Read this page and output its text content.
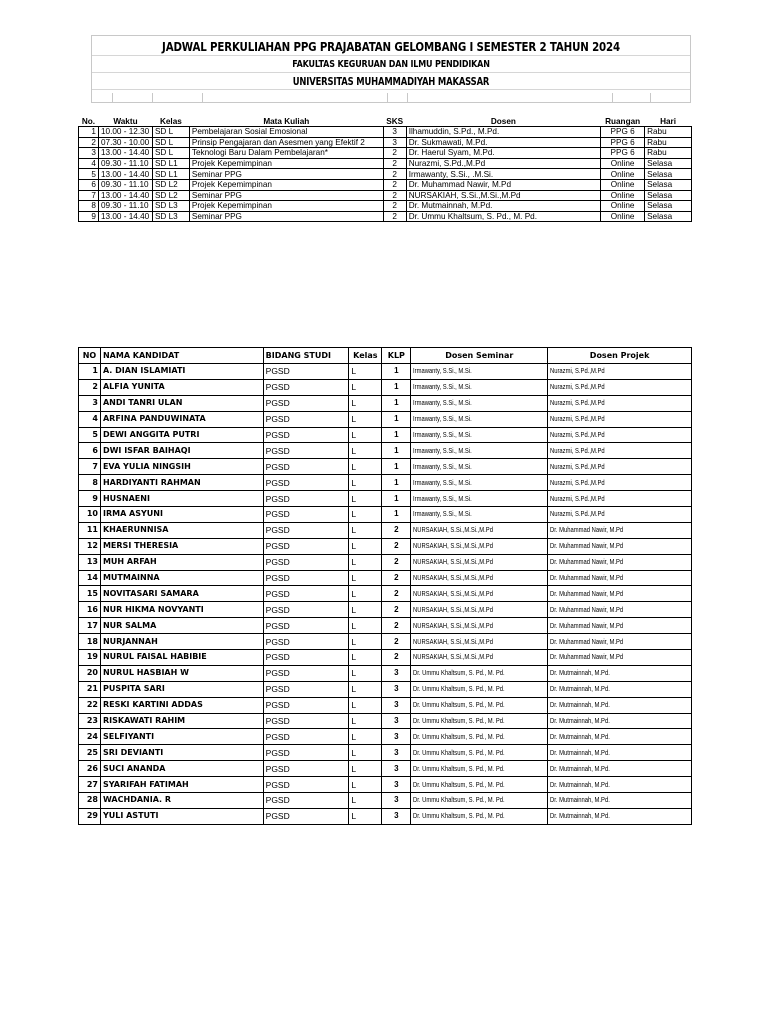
JADWAL PERKULIAHAN PPG PRAJABATAN GELOMBANG I SEMESTER 2 TAHUN 2024
FAKULTAS KEGURUAN DAN ILMU PENDIDIKAN
UNIVERSITAS MUHAMMADIYAH MAKASSAR
No.	Waktu	Kelas	Mata Kuliah	SKS	Dosen	Ruangan	Hari
1	10.00 - 12.30	SD L	Pembelajaran Sosial Emosional	3	Ilhamuddin, S.Pd., M.Pd.	PPG 6	Rabu
2	07.30 - 10.00	SD L	Prinsip Pengajaran dan Asesmen yang Efektif 2	3	Dr. Sukmawati, M.Pd.	PPG 6	Rabu
3	13.00 - 14.40	SD L	Teknologi Baru Dalam Pembelajaran*	2	Dr. Haerul Syam, M.Pd.	PPG 6	Rabu
4	09.30 - 11.10	SD L1	Projek Kepemimpinan	2	Nurazmi, S.Pd.,M.Pd	Online	Selasa
5	13.00 - 14.40	SD L1	Seminar PPG	2	Irmawanty, S.Si., .M.Si.	Online	Selasa
6	09.30 - 11.10	SD L2	Projek Kepemimpinan	2	Dr. Muhammad Nawir, M.Pd	Online	Selasa
7	13.00 - 14.40	SD L2	Seminar PPG	2	NURSAKIAH, S.Si.,M.Si.,M.Pd	Online	Selasa
8	09.30 - 11.10	SD L3	Projek Kepemimpinan	2	Dr. Mutmainnah, M.Pd.	Online	Selasa
9	13.00 - 14.40	SD L3	Seminar PPG	2	Dr. Ummu Khaltsum, S. Pd., M. Pd.	Online	Selasa
NO	NAMA KANDIDAT	BIDANG STUDI	Kelas	KLP	Dosen Seminar	Dosen Projek
1	A. DIAN ISLAMIATI	PGSD	L	1	Irmawanty, S.Si., M.Si.	Nurazmi, S.Pd.,M.Pd
2	ALFIA YUNITA	PGSD	L	1	Irmawanty, S.Si., M.Si.	Nurazmi, S.Pd.,M.Pd
3	ANDI TANRI ULAN	PGSD	L	1	Irmawanty, S.Si., M.Si.	Nurazmi, S.Pd.,M.Pd
4	ARFINA PANDUWINATA	PGSD	L	1	Irmawanty, S.Si., M.Si.	Nurazmi, S.Pd.,M.Pd
5	DEWI ANGGITA PUTRI	PGSD	L	1	Irmawanty, S.Si., M.Si.	Nurazmi, S.Pd.,M.Pd
6	DWI ISFAR BAIHAQI	PGSD	L	1	Irmawanty, S.Si., M.Si.	Nurazmi, S.Pd.,M.Pd
7	EVA YULIA NINGSIH	PGSD	L	1	Irmawanty, S.Si., M.Si.	Nurazmi, S.Pd.,M.Pd
8	HARDIYANTI RAHMAN	PGSD	L	1	Irmawanty, S.Si., M.Si.	Nurazmi, S.Pd.,M.Pd
9	HUSNAENI	PGSD	L	1	Irmawanty, S.Si., M.Si.	Nurazmi, S.Pd.,M.Pd
10	IRMA ASYUNI	PGSD	L	1	Irmawanty, S.Si., M.Si.	Nurazmi, S.Pd.,M.Pd
11	KHAERUNNISA	PGSD	L	2	NURSAKIAH, S.Si.,M.Si.,M.Pd	Dr. Muhammad Nawir, M.Pd
12	MERSI THERESIA	PGSD	L	2	NURSAKIAH, S.Si.,M.Si.,M.Pd	Dr. Muhammad Nawir, M.Pd
13	MUH ARFAH	PGSD	L	2	NURSAKIAH, S.Si.,M.Si.,M.Pd	Dr. Muhammad Nawir, M.Pd
14	MUTMAINNA	PGSD	L	2	NURSAKIAH, S.Si.,M.Si.,M.Pd	Dr. Muhammad Nawir, M.Pd
15	NOVITASARI SAMARA	PGSD	L	2	NURSAKIAH, S.Si.,M.Si.,M.Pd	Dr. Muhammad Nawir, M.Pd
16	NUR HIKMA NOVYANTI	PGSD	L	2	NURSAKIAH, S.Si.,M.Si.,M.Pd	Dr. Muhammad Nawir, M.Pd
17	NUR SALMA	PGSD	L	2	NURSAKIAH, S.Si.,M.Si.,M.Pd	Dr. Muhammad Nawir, M.Pd
18	NURJANNAH	PGSD	L	2	NURSAKIAH, S.Si.,M.Si.,M.Pd	Dr. Muhammad Nawir, M.Pd
19	NURUL FAISAL HABIBIE	PGSD	L	2	NURSAKIAH, S.Si.,M.Si.,M.Pd	Dr. Muhammad Nawir, M.Pd
20	NURUL HASBIAH W	PGSD	L	3	Dr. Ummu Khaltsum, S. Pd., M. Pd.	Dr. Mutmainnah, M.Pd.
21	PUSPITA SARI	PGSD	L	3	Dr. Ummu Khaltsum, S. Pd., M. Pd.	Dr. Mutmainnah, M.Pd.
22	RESKI KARTINI ADDAS	PGSD	L	3	Dr. Ummu Khaltsum, S. Pd., M. Pd.	Dr. Mutmainnah, M.Pd.
23	RISKAWATI RAHIM	PGSD	L	3	Dr. Ummu Khaltsum, S. Pd., M. Pd.	Dr. Mutmainnah, M.Pd.
24	SELFIYANTI	PGSD	L	3	Dr. Ummu Khaltsum, S. Pd., M. Pd.	Dr. Mutmainnah, M.Pd.
25	SRI DEVIANTI	PGSD	L	3	Dr. Ummu Khaltsum, S. Pd., M. Pd.	Dr. Mutmainnah, M.Pd.
26	SUCI ANANDA	PGSD	L	3	Dr. Ummu Khaltsum, S. Pd., M. Pd.	Dr. Mutmainnah, M.Pd.
27	SYARIFAH FATIMAH	PGSD	L	3	Dr. Ummu Khaltsum, S. Pd., M. Pd.	Dr. Mutmainnah, M.Pd.
28	WACHDANIA. R	PGSD	L	3	Dr. Ummu Khaltsum, S. Pd., M. Pd.	Dr. Mutmainnah, M.Pd.
29	YULI ASTUTI	PGSD	L	3	Dr. Ummu Khaltsum, S. Pd., M. Pd.	Dr. Mutmainnah, M.Pd.
